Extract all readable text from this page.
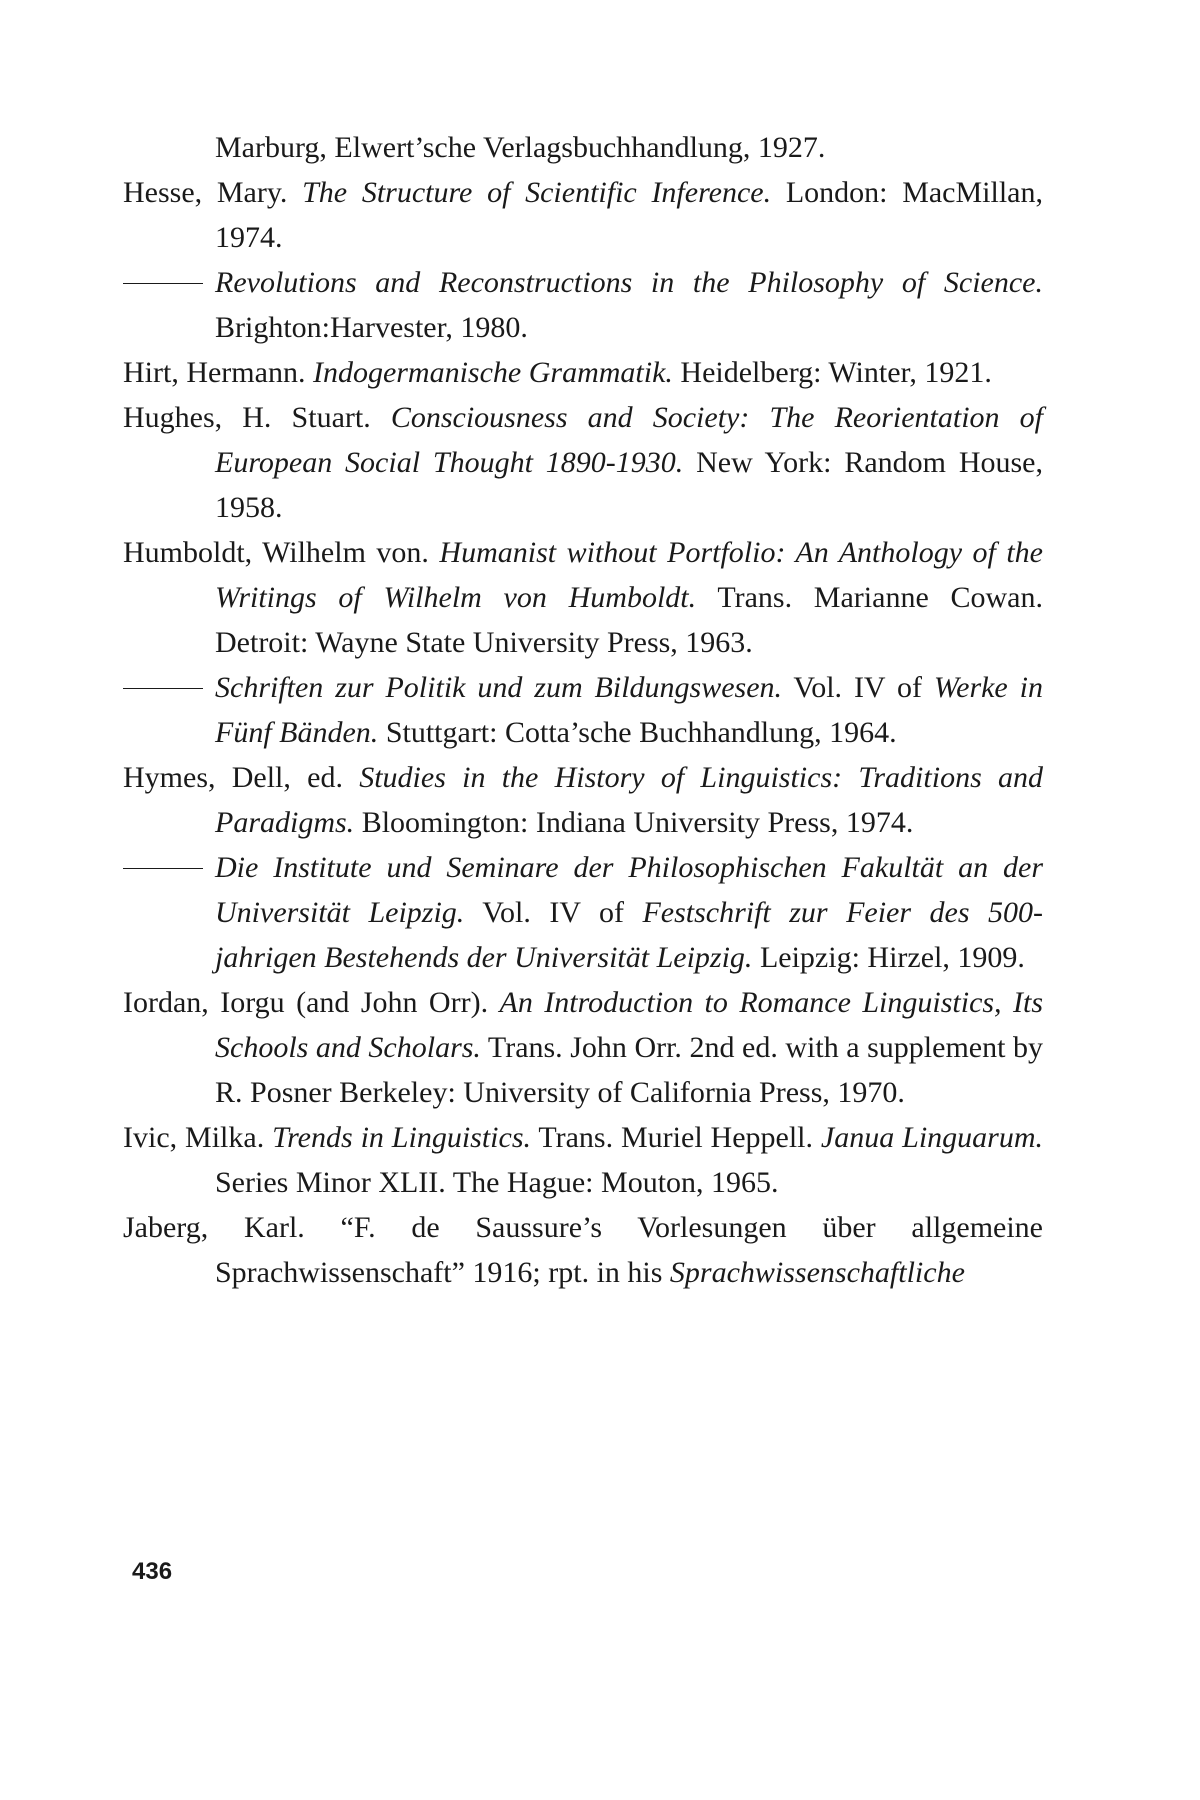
Marburg, Elwert’sche Verlagsbuchhandlung, 1927.

Hesse, Mary. The Structure of Scientific Inference. London: MacMillan, 1974.

Revolutions and Reconstructions in the Philosophy of Science. Brighton:Harvester, 1980.

Hirt, Hermann. Indogermanische Grammatik. Heidelberg: Winter, 1921.

Hughes, H. Stuart. Consciousness and Society: The Reorientation of European Social Thought 1890-1930. New York: Random House, 1958.

Humboldt, Wilhelm von. Humanist without Portfolio: An Anthology of the Writings of Wilhelm von Humboldt. Trans. Marianne Cowan. Detroit: Wayne State University Press, 1963.

Schriften zur Politik und zum Bildungswesen. Vol. IV of Werke in Fünf Bänden. Stuttgart: Cotta’sche Buchhandlung, 1964.

Hymes, Dell, ed. Studies in the History of Linguistics: Traditions and Paradigms. Bloomington: Indiana University Press, 1974.

Die Institute und Seminare der Philosophischen Fakultät an der Universität Leipzig. Vol. IV of Festschrift zur Feier des 500-jahrigen Bestehends der Universität Leipzig. Leipzig: Hirzel, 1909.

Iordan, Iorgu (and John Orr). An Introduction to Romance Linguistics, Its Schools and Scholars. Trans. John Orr. 2nd ed. with a supplement by R. Posner Berkeley: University of California Press, 1970.

Ivic, Milka. Trends in Linguistics. Trans. Muriel Heppell. Janua Linguarum. Series Minor XLII. The Hague: Mouton, 1965.

Jaberg, Karl. “F. de Saussure’s Vorlesungen über allgemeine Sprachwissenschaft” 1916; rpt. in his Sprachwissenschaftliche

436
